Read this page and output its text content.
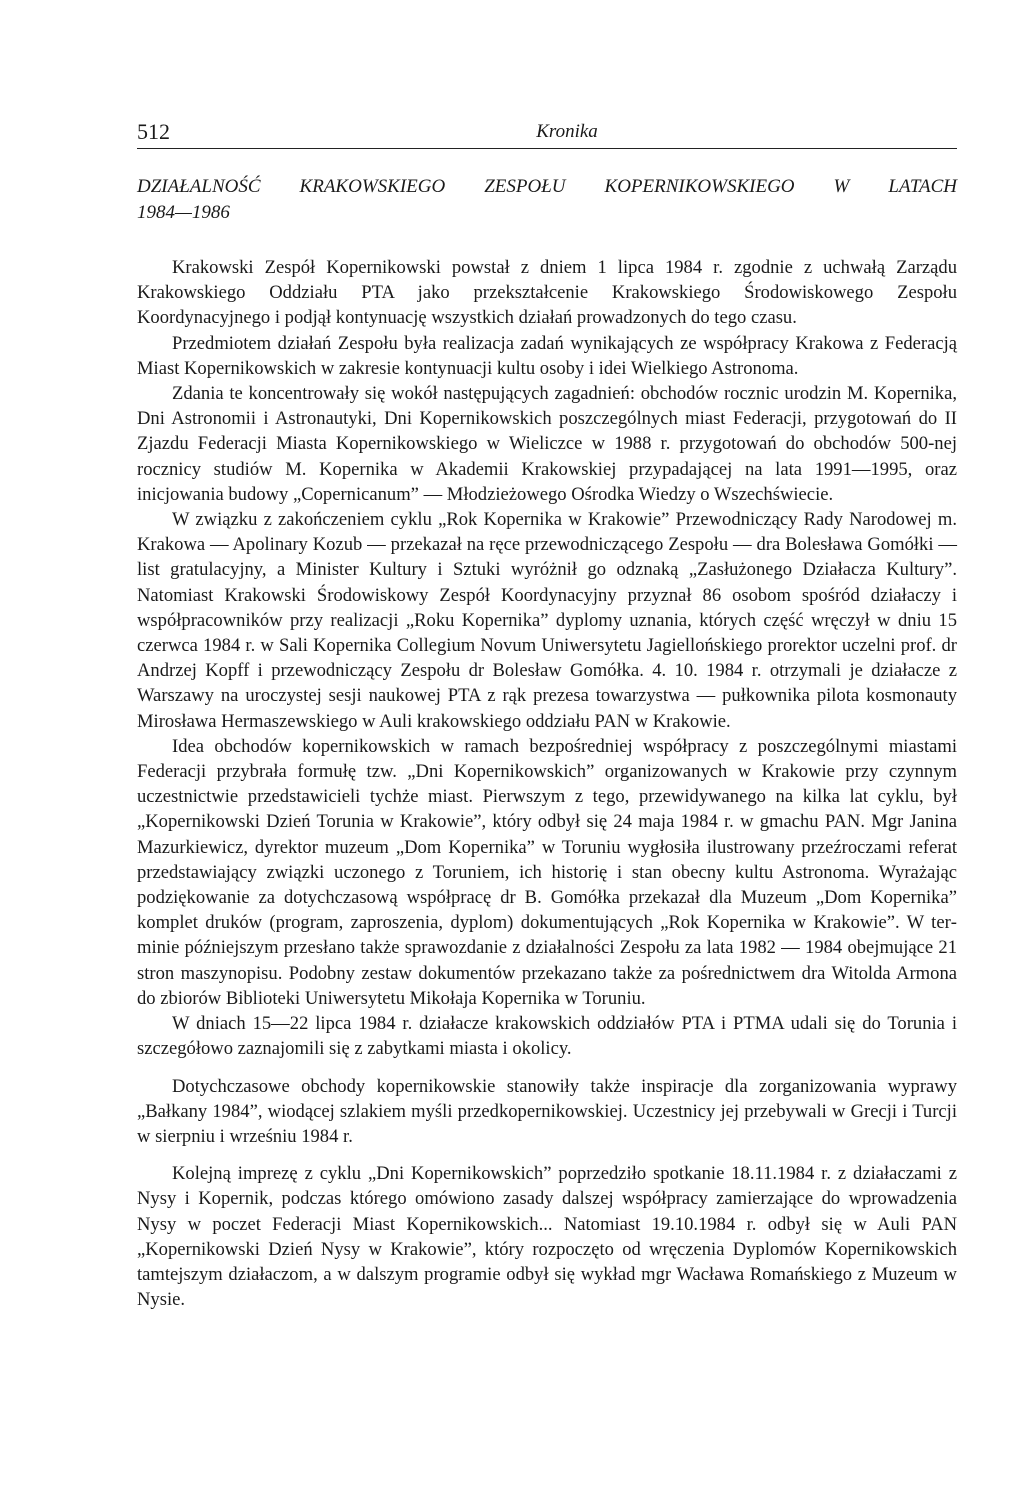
512	Kronika
DZIAŁALNOŚĆ KRAKOWSKIEGO ZESPOŁU KOPERNIKOWSKIEGO W LATACH
1984—1986

Krakowski Zespół Kopernikowski powstał z dniem 1 lipca 1984 r. zgodnie z uchwałą Zarządu Krakowskiego Oddziału PTA jako przekształcenie Krakowskiego Środowiskowego Zespołu Koordynacyjnego i podjął kontynuację wszystkich działań prowadzonych do tego czasu.

Przedmiotem działań Zespołu była realizacja zadań wynikających ze współpracy Krakowa z Federacją Miast Kopernikowskich w zakresie kontynuacji kultu osoby i idei Wielkiego Astronoma.

Zdania te koncentrowały się wokół następujących zagadnień: obchodów rocznic urodzin M. Kopernika, Dni Astronomii i Astronautyki, Dni Kopernikowskich poszczególnych miast Federacji, przygotowań do II Zjazdu Federacji Miasta Kopernikowskiego w Wieliczce w 1988 r. przygotowań do obchodów 500-nej rocznicy studiów M. Kopernika w Akademii Krakowskiej przypadającej na lata 1991—1995, oraz inicjowania budowy „Copernicanum” — Młodzieżowego Ośrodka Wiedzy o Wszechświecie.

W związku z zakończeniem cyklu „Rok Kopernika w Krakowie” Przewodniczący Rady Narodowej m. Krakowa — Apolinary Kozub — przekazał na ręce przewodniczącego Zespołu — dra Bolesława Gomółki — list gratulacyjny, a Minister Kultury i Sztuki wyróżnił go odznaką „Zasłużonego Działacza Kultury”. Natomiast Krakowski Środowiskowy Zespół Koordynacyjny przyznał 86 osobom spośród działaczy i współpracowników przy realizacji „Roku Kopernika” dyplomy uznania, których część wręczył w dniu 15 czerwca 1984 r. w Sali Kopernika Collegium Novum Uniwersytetu Jagiellońskiego prorektor uczelni prof. dr Andrzej Kopff i przewodniczący Zespołu dr Bolesław Gomółka. 4. 10. 1984 r. otrzymali je działacze z Warszawy na uroczystej sesji naukowej PTA z rąk prezesa towarzystwa — pułkownika pilota kosmonauty Mirosława Hermaszewskiego w Auli krakowskiego oddziału PAN w Krakowie.

Idea obchodów kopernikowskich w ramach bezpośredniej współpracy z poszczególnymi miastami Federacji przybrała formułę tzw. „Dni Kopernikowskich” organizowanych w Krakowie przy czynnym uczestnictwie przedstawicieli tychże miast. Pierwszym z tego, przewidywanego na kilka lat cyklu, był „Kopernikowski Dzień Torunia w Krakowie”, który odbył się 24 maja 1984 r. w gmachu PAN. Mgr Janina Mazurkiewicz, dyrektor muzeum „Dom Kopernika” w Toruniu wygłosiła ilustrowany przeźroczami referat przedstawiający związki uczonego z Toruniem, ich historię i stan obecny kultu Astronoma. Wyrażając podziękowanie za dotychczasową współpracę dr B. Gomółka przekazał dla Muzeum „Dom Kopernika” komplet druków (program, zaproszenia, dyplom) dokumentujących „Rok Kopernika w Krakowie”. W terminie późniejszym przesłano także sprawozdanie z działalności Zespołu za lata 1982 — 1984 obejmujące 21 stron maszynopisu. Podobny zestaw dokumentów przekazano także za pośrednictwem dra Witolda Armona do zbiorów Biblioteki Uniwersytetu Mikołaja Kopernika w Toruniu.

W dniach 15—22 lipca 1984 r. działacze krakowskich oddziałów PTA i PTMA udali się do Torunia i szczegółowo zaznajomili się z zabytkami miasta i okolicy.

Dotychczasowe obchody kopernikowskie stanowiły także inspiracje dla zorganizowania wyprawy „Bałkany 1984”, wiodącej szlakiem myśli przedkopernikowskiej. Uczestnicy jej przebywali w Grecji i Turcji w sierpniu i wrześniu 1984 r.

Kolejną imprezę z cyklu „Dni Kopernikowskich” poprzedziło spotkanie 18.11.1984 r. z działaczami z Nysy i Kopernik, podczas którego omówiono zasady dalszej współpracy zamierzające do wprowadzenia Nysy w poczet Federacji Miast Kopernikowskich... Natomiast 19.10.1984 r. odbył się w Auli PAN „Kopernikowski Dzień Nysy w Krakowie”, który rozpoczęto od wręczenia Dyplomów Kopernikowskich tamtejszym działaczom, a w dalszym programie odbył się wykład mgr Wacława Romańskiego z Muzeum w Nysie.
